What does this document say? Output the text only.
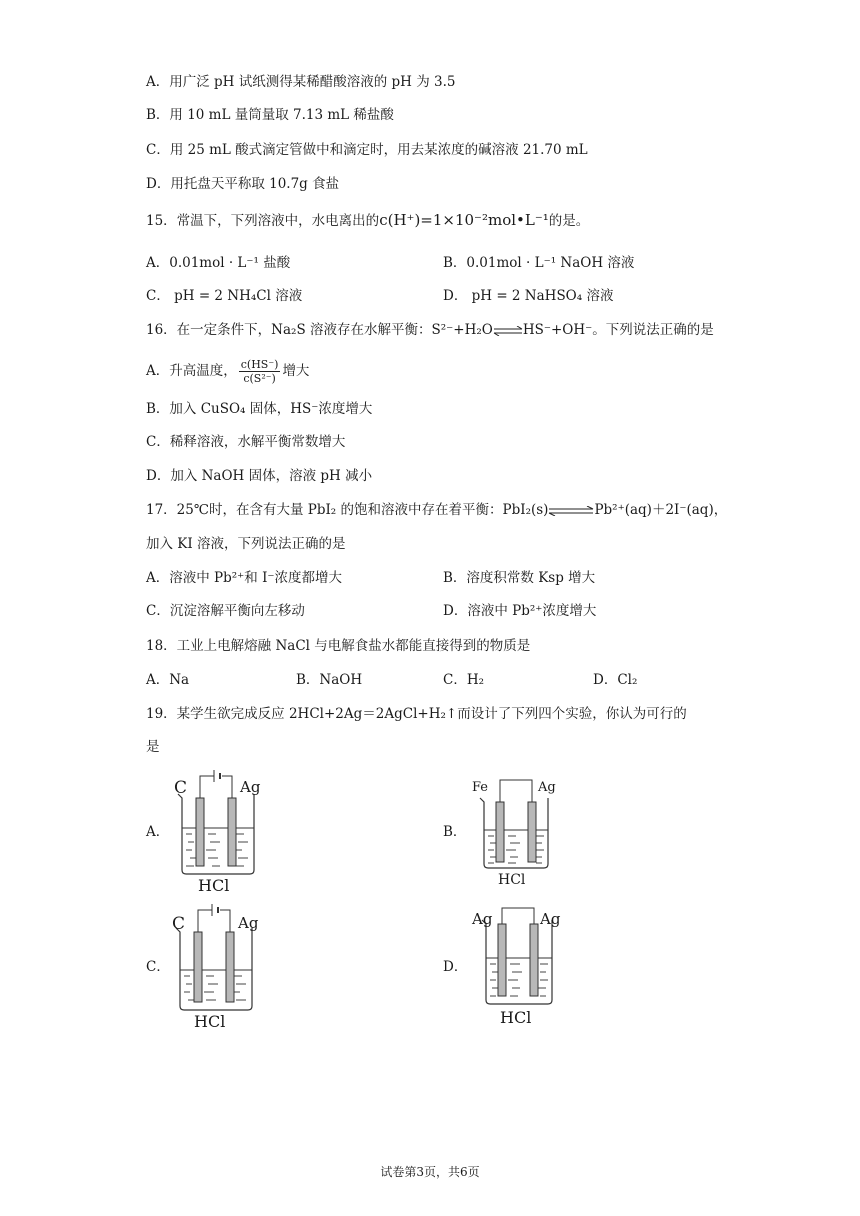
A．用广泛 pH 试纸测得某稀醋酸溶液的 pH 为 3.5
B．用 10 mL 量筒量取 7.13 mL 稀盐酸
C．用 25 mL 酸式滴定管做中和滴定时，用去某浓度的碱溶液 21.70 mL
D．用托盘天平称取 10.7g 食盐
15．常温下，下列溶液中，水电离出的c(H⁺)=1×10⁻²mol•L⁻¹的是。
A．0.01mol · L⁻¹ 盐酸	B．0.01mol · L⁻¹ NaOH 溶液
C． pH = 2 NH₄Cl 溶液	D． pH = 2 NaHSO₄ 溶液
16．在一定条件下，Na₂S 溶液存在水解平衡：S²⁻+H₂O⇌HS⁻+OH⁻。下列说法正确的是
A．升高温度， $\frac{c(HS^-)}{\text{c(S²⁻)}}$ 增大
B．加入 CuSO₄ 固体，HS⁻浓度增大
C．稀释溶液，水解平衡常数增大
D．加入 NaOH 固体，溶液 pH 减小
17．25℃时，在含有大量 PbI₂ 的饱和溶液中存在着平衡：PbI₂(s)⇌Pb²⁺(aq)＋2I⁻(aq)，
加入 KI 溶液，下列说法正确的是
A．溶液中 Pb²⁺和 I⁻浓度都增大	B．溶度积常数 Ksp 增大
C．沉淀溶解平衡向左移动	D．溶液中 Pb²⁺浓度增大
18．工业上电解熔融 NaCl 与电解食盐水都能直接得到的物质是
A．Na	B．NaOH	C．H₂	D．Cl₂
19．某学生欲完成反应 2HCl+2Ag＝2AgCl+H₂↑而设计了下列四个实验，你认为可行的
是
A．	B．
C．	D．
C	Ag
HCl
Fe	Ag
HCl
C	Ag
HCl
Ag	Ag
HCl
试卷第3页，共6页
